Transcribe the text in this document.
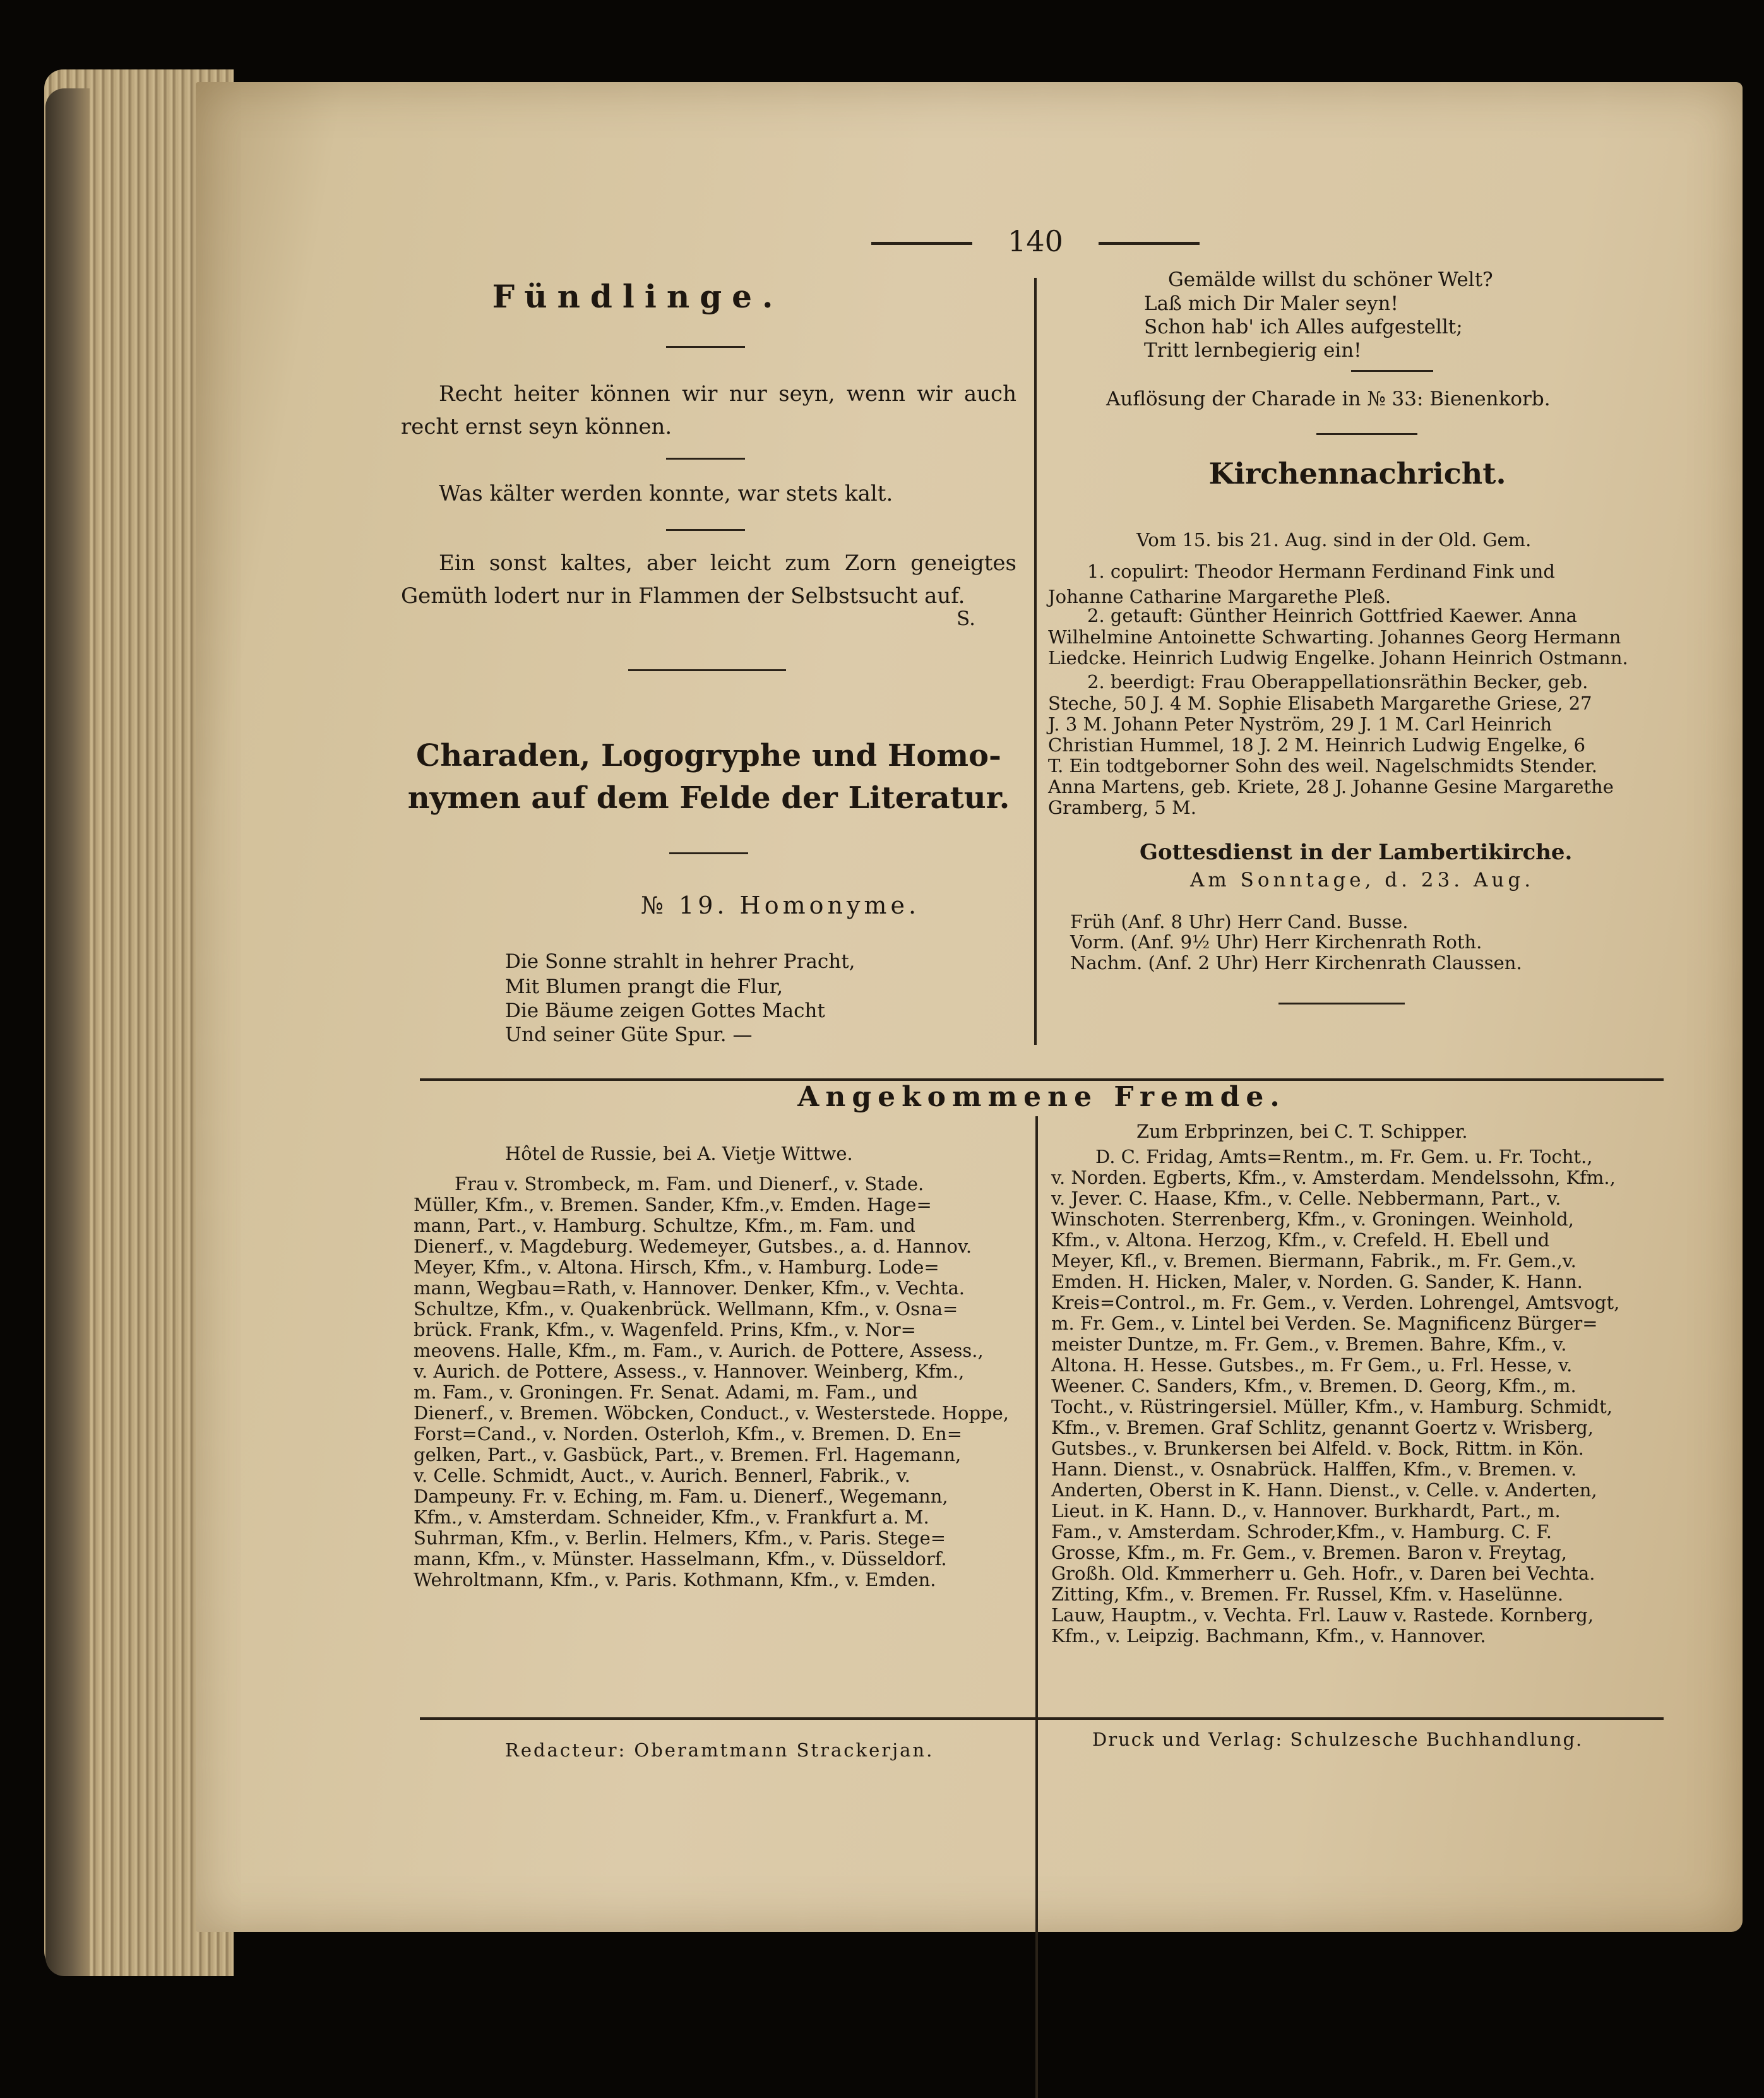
140
Fündlinge.
Recht heiter können wir nur seyn, wenn wir auch recht ernst seyn können.
Was kälter werden konnte, war stets kalt.
Ein sonst kaltes, aber leicht zum Zorn geneigtes Gemüth lodert nur in Flammen der Selbstsucht auf.
S.
Charaden, Logogryphe und Homo-
nymen auf dem Felde der Literatur.
№ 19. Homonyme.
Die Sonne strahlt in hehrer Pracht,
Mit Blumen prangt die Flur,
Die Bäume zeigen Gottes Macht
Und seiner Güte Spur. —
Gemälde willst du schöner Welt?
Laß mich Dir Maler seyn!
Schon hab' ich Alles aufgestellt;
Tritt lernbegierig ein!
Auflösung der Charade in № 33: Bienenkorb.
Kirchennachricht.
Vom 15. bis 21. Aug. sind in der Old. Gem.
1. copulirt: Theodor Hermann Ferdinand Fink und
Johanne Catharine Margarethe Pleß.
2. getauft: Günther Heinrich Gottfried Kaewer. Anna
Wilhelmine Antoinette Schwarting. Johannes Georg Hermann
Liedcke. Heinrich Ludwig Engelke. Johann Heinrich Ostmann.
2. beerdigt: Frau Oberappellationsräthin Becker, geb.
Steche, 50 J. 4 M. Sophie Elisabeth Margarethe Griese, 27
J. 3 M. Johann Peter Nyström, 29 J. 1 M. Carl Heinrich
Christian Hummel, 18 J. 2 M. Heinrich Ludwig Engelke, 6
T. Ein todtgeborner Sohn des weil. Nagelschmidts Stender.
Anna Martens, geb. Kriete, 28 J. Johanne Gesine Margarethe
Gramberg, 5 M.
Gottesdienst in der Lambertikirche.
Am Sonntage, d. 23. Aug.
Früh (Anf. 8 Uhr) Herr Cand. Busse.
Vorm. (Anf. 9½ Uhr) Herr Kirchenrath Roth.
Nachm. (Anf. 2 Uhr) Herr Kirchenrath Claussen.
Angekommene Fremde.
Hôtel de Russie, bei A. Vietje Wittwe.
Frau v. Strombeck, m. Fam. und Dienerf., v. Stade.
Müller, Kfm., v. Bremen. Sander, Kfm.,v. Emden. Hage=
mann, Part., v. Hamburg. Schultze, Kfm., m. Fam. und
Dienerf., v. Magdeburg. Wedemeyer, Gutsbes., a. d. Hannov.
Meyer, Kfm., v. Altona. Hirsch, Kfm., v. Hamburg. Lode=
mann, Wegbau=Rath, v. Hannover. Denker, Kfm., v. Vechta.
Schultze, Kfm., v. Quakenbrück. Wellmann, Kfm., v. Osna=
brück. Frank, Kfm., v. Wagenfeld. Prins, Kfm., v. Nor=
meovens. Halle, Kfm., m. Fam., v. Aurich. de Pottere, Assess.,
v. Aurich. de Pottere, Assess., v. Hannover. Weinberg, Kfm.,
m. Fam., v. Groningen. Fr. Senat. Adami, m. Fam., und
Dienerf., v. Bremen. Wöbcken, Conduct., v. Westerstede. Hoppe,
Forst=Cand., v. Norden. Osterloh, Kfm., v. Bremen. D. En=
gelken, Part., v. Gasbück, Part., v. Bremen. Frl. Hagemann,
v. Celle. Schmidt, Auct., v. Aurich. Bennerl, Fabrik., v.
Dampeuny. Fr. v. Eching, m. Fam. u. Dienerf., Wegemann,
Kfm., v. Amsterdam. Schneider, Kfm., v. Frankfurt a. M.
Suhrman, Kfm., v. Berlin. Helmers, Kfm., v. Paris. Stege=
mann, Kfm., v. Münster. Hasselmann, Kfm., v. Düsseldorf.
Wehroltmann, Kfm., v. Paris. Kothmann, Kfm., v. Emden.
Zum Erbprinzen, bei C. T. Schipper.
D. C. Fridag, Amts=Rentm., m. Fr. Gem. u. Fr. Tocht.,
v. Norden. Egberts, Kfm., v. Amsterdam. Mendelssohn, Kfm.,
v. Jever. C. Haase, Kfm., v. Celle. Nebbermann, Part., v.
Winschoten. Sterrenberg, Kfm., v. Groningen. Weinhold,
Kfm., v. Altona. Herzog, Kfm., v. Crefeld. H. Ebell und
Meyer, Kfl., v. Bremen. Biermann, Fabrik., m. Fr. Gem.,v.
Emden. H. Hicken, Maler, v. Norden. G. Sander, K. Hann.
Kreis=Control., m. Fr. Gem., v. Verden. Lohrengel, Amtsvogt,
m. Fr. Gem., v. Lintel bei Verden. Se. Magnificenz Bürger=
meister Duntze, m. Fr. Gem., v. Bremen. Bahre, Kfm., v.
Altona. H. Hesse. Gutsbes., m. Fr Gem., u. Frl. Hesse, v.
Weener. C. Sanders, Kfm., v. Bremen. D. Georg, Kfm., m.
Tocht., v. Rüstringersiel. Müller, Kfm., v. Hamburg. Schmidt,
Kfm., v. Bremen. Graf Schlitz, genannt Goertz v. Wrisberg,
Gutsbes., v. Brunkersen bei Alfeld. v. Bock, Rittm. in Kön.
Hann. Dienst., v. Osnabrück. Halffen, Kfm., v. Bremen. v.
Anderten, Oberst in K. Hann. Dienst., v. Celle. v. Anderten,
Lieut. in K. Hann. D., v. Hannover. Burkhardt, Part., m.
Fam., v. Amsterdam. Schroder,Kfm., v. Hamburg. C. F.
Grosse, Kfm., m. Fr. Gem., v. Bremen. Baron v. Freytag,
Großh. Old. Kmmerherr u. Geh. Hofr., v. Daren bei Vechta.
Zitting, Kfm., v. Bremen. Fr. Russel, Kfm. v. Haselünne.
Lauw, Hauptm., v. Vechta. Frl. Lauw v. Rastede. Kornberg,
Kfm., v. Leipzig. Bachmann, Kfm., v. Hannover.
Redacteur: Oberamtmann Strackerjan.	Druck und Verlag: Schulzesche Buchhandlung.
